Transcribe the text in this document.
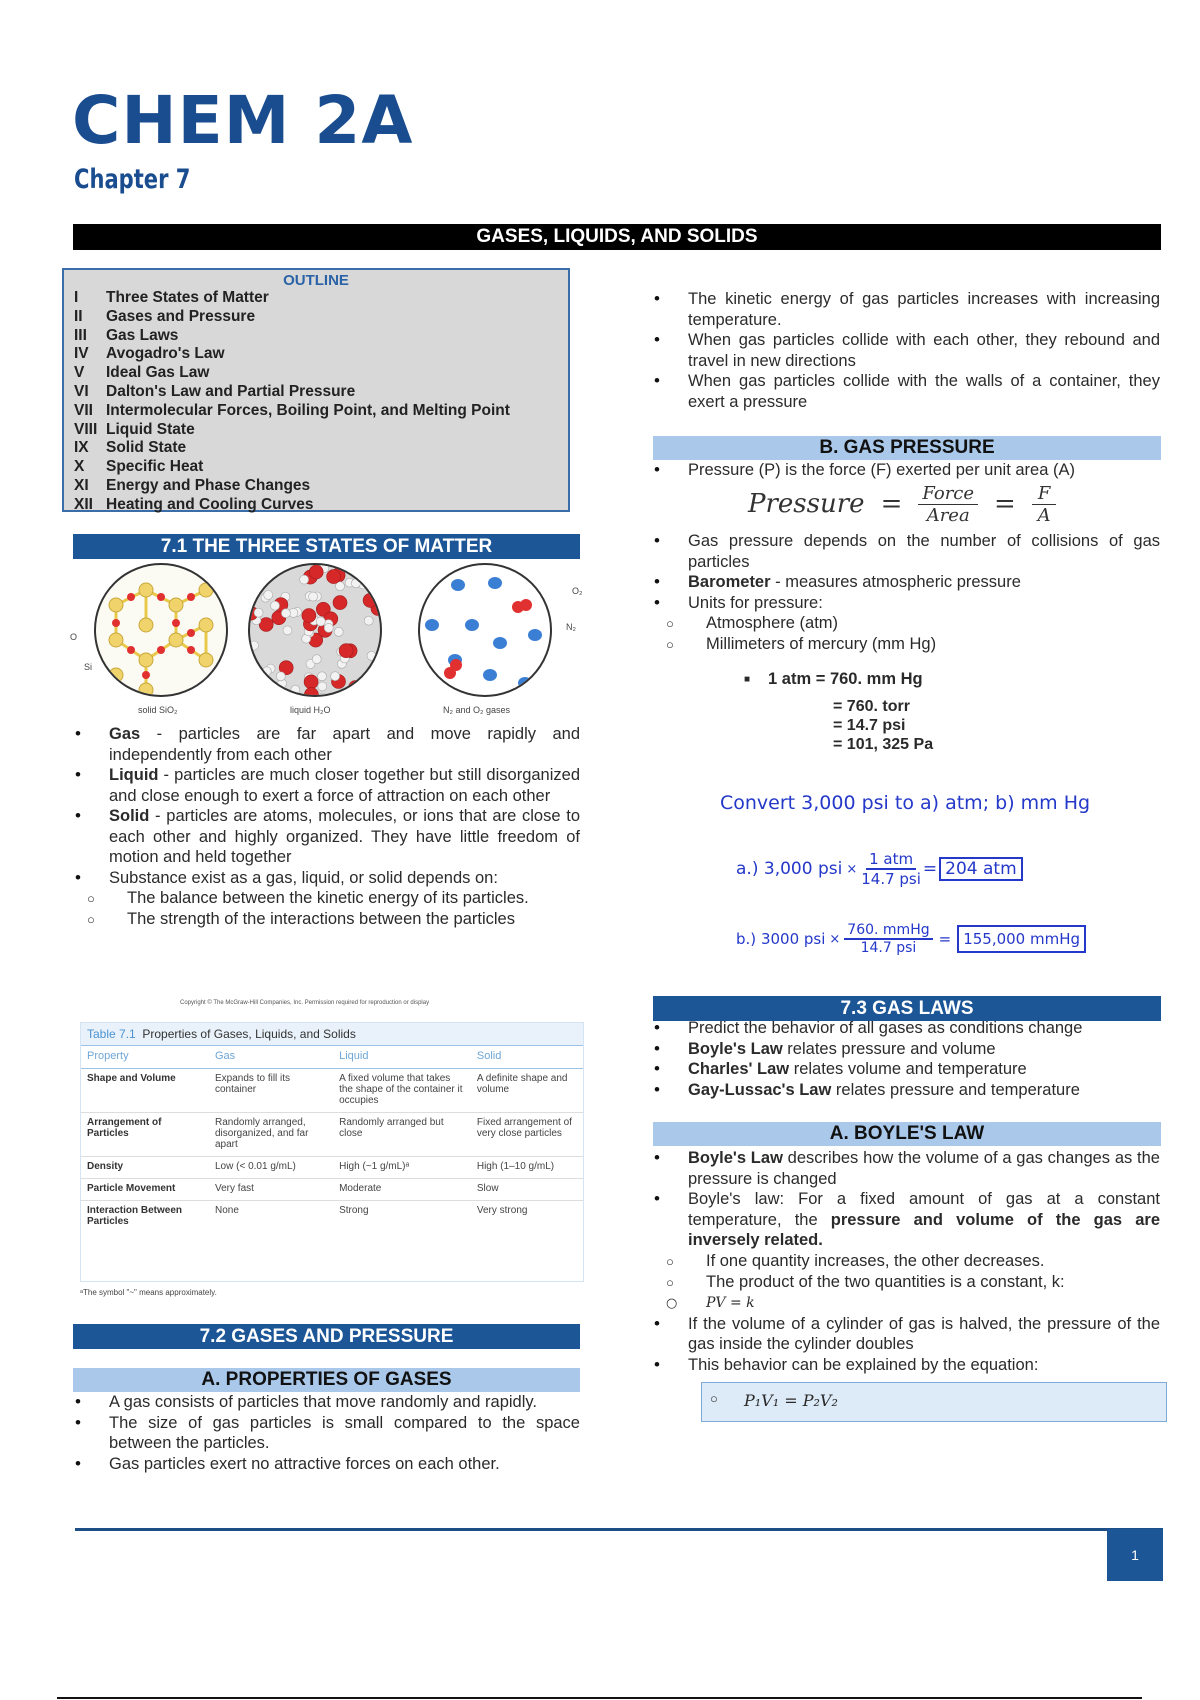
CHEM 2A
Chapter 7
GASES, LIQUIDS, AND SOLIDS
OUTLINE
I	Three States of Matter
II	Gases and Pressure
III	Gas Laws
IV	Avogadro's Law
V	Ideal Gas Law
VI	Dalton's Law and Partial Pressure
VII Intermolecular Forces, Boiling Point, and Melting Point
VIII Liquid State
IX	Solid State
X	Specific Heat
XI	Energy and Phase Changes
XII Heating and Cooling Curves
7.1 THE THREE STATES OF MATTER
O
Si
solid SiO₂	liquid H₂O
O₂
N₂
N₂ and O₂ gases
• Gas - particles are far apart and move rapidly and independently from each other
• Liquid - particles are much closer together but still disorganized and close enough to exert a force of attraction on each other
• Solid - particles are atoms, molecules, or ions that are close to each other and highly organized. They have little freedom of motion and held together
• Substance exist as a gas, liquid, or solid depends on:
○ The balance between the kinetic energy of its particles.
○ The strength of the interactions between the particles
Copyright © The McGraw-Hill Companies, Inc. Permission required for reproduction or display
Table 7.1 Properties of Gases, Liquids, and Solids
Property	Gas	Liquid	Solid
Shape and Volume	Expands to fill its container	A fixed volume that takes the shape of the container it occupies	A definite shape and volume
Arrangement of Particles	Randomly arranged, disorganized, and far apart	Randomly arranged but close	Fixed arrangement of very close particles
Density	Low (< 0.01 g/mL)	High (~1 g/mL)ᵃ	High (1–10 g/mL)
Particle Movement	Very fast	Moderate	Slow
Interaction Between Particles	None	Strong	Very strong
ᵃThe symbol "~" means approximately.
7.2 GASES AND PRESSURE
A. PROPERTIES OF GASES
• A gas consists of particles that move randomly and rapidly.
• The size of gas particles is small compared to the space between the particles.
• Gas particles exert no attractive forces on each other.
• The kinetic energy of gas particles increases with increasing temperature.
• When gas particles collide with each other, they rebound and travel in new directions
• When gas particles collide with the walls of a container, they exert a pressure
B. GAS PRESSURE
• Pressure (P) is the force (F) exerted per unit area (A)
Pressure = Force
Area = $\frac{F}{A}$
• Gas pressure depends on the number of collisions of gas particles
• Barometer - measures atmospheric pressure
• Units for pressure:
○ Atmosphere (atm)
○ Millimeters of mercury (mm Hg)
■ 1 atm = 760. mm Hg
= 760. torr
= 14.7 psi
= 101, 325 Pa
Convert 3,000 psi to a) atm; b) mm Hg
a.)
3,000 psi ×
1 atm
14.7 psi = 204 atm
b.)
3000 psi ×
760. mmHg
14.7 psi = 155,000 mmHg
7.3 GAS LAWS
• Predict the behavior of all gases as conditions change
• Boyle's Law relates pressure and volume
• Charles' Law relates volume and temperature
• Gay-Lussac's Law relates pressure and temperature
A. BOYLE'S LAW
• Boyle's Law describes how the volume of a gas changes as the pressure is changed
• Boyle's law: For a fixed amount of gas at a constant temperature, the pressure and volume of the gas are inversely related.
○ If one quantity increases, the other decreases.
○ The product of the two quantities is a constant, k:
○ PV = k
• If the volume of a cylinder of gas is halved, the pressure of the gas inside the cylinder doubles
• This behavior can be explained by the equation:
○ P₁V₁ = P₂V₂
1
